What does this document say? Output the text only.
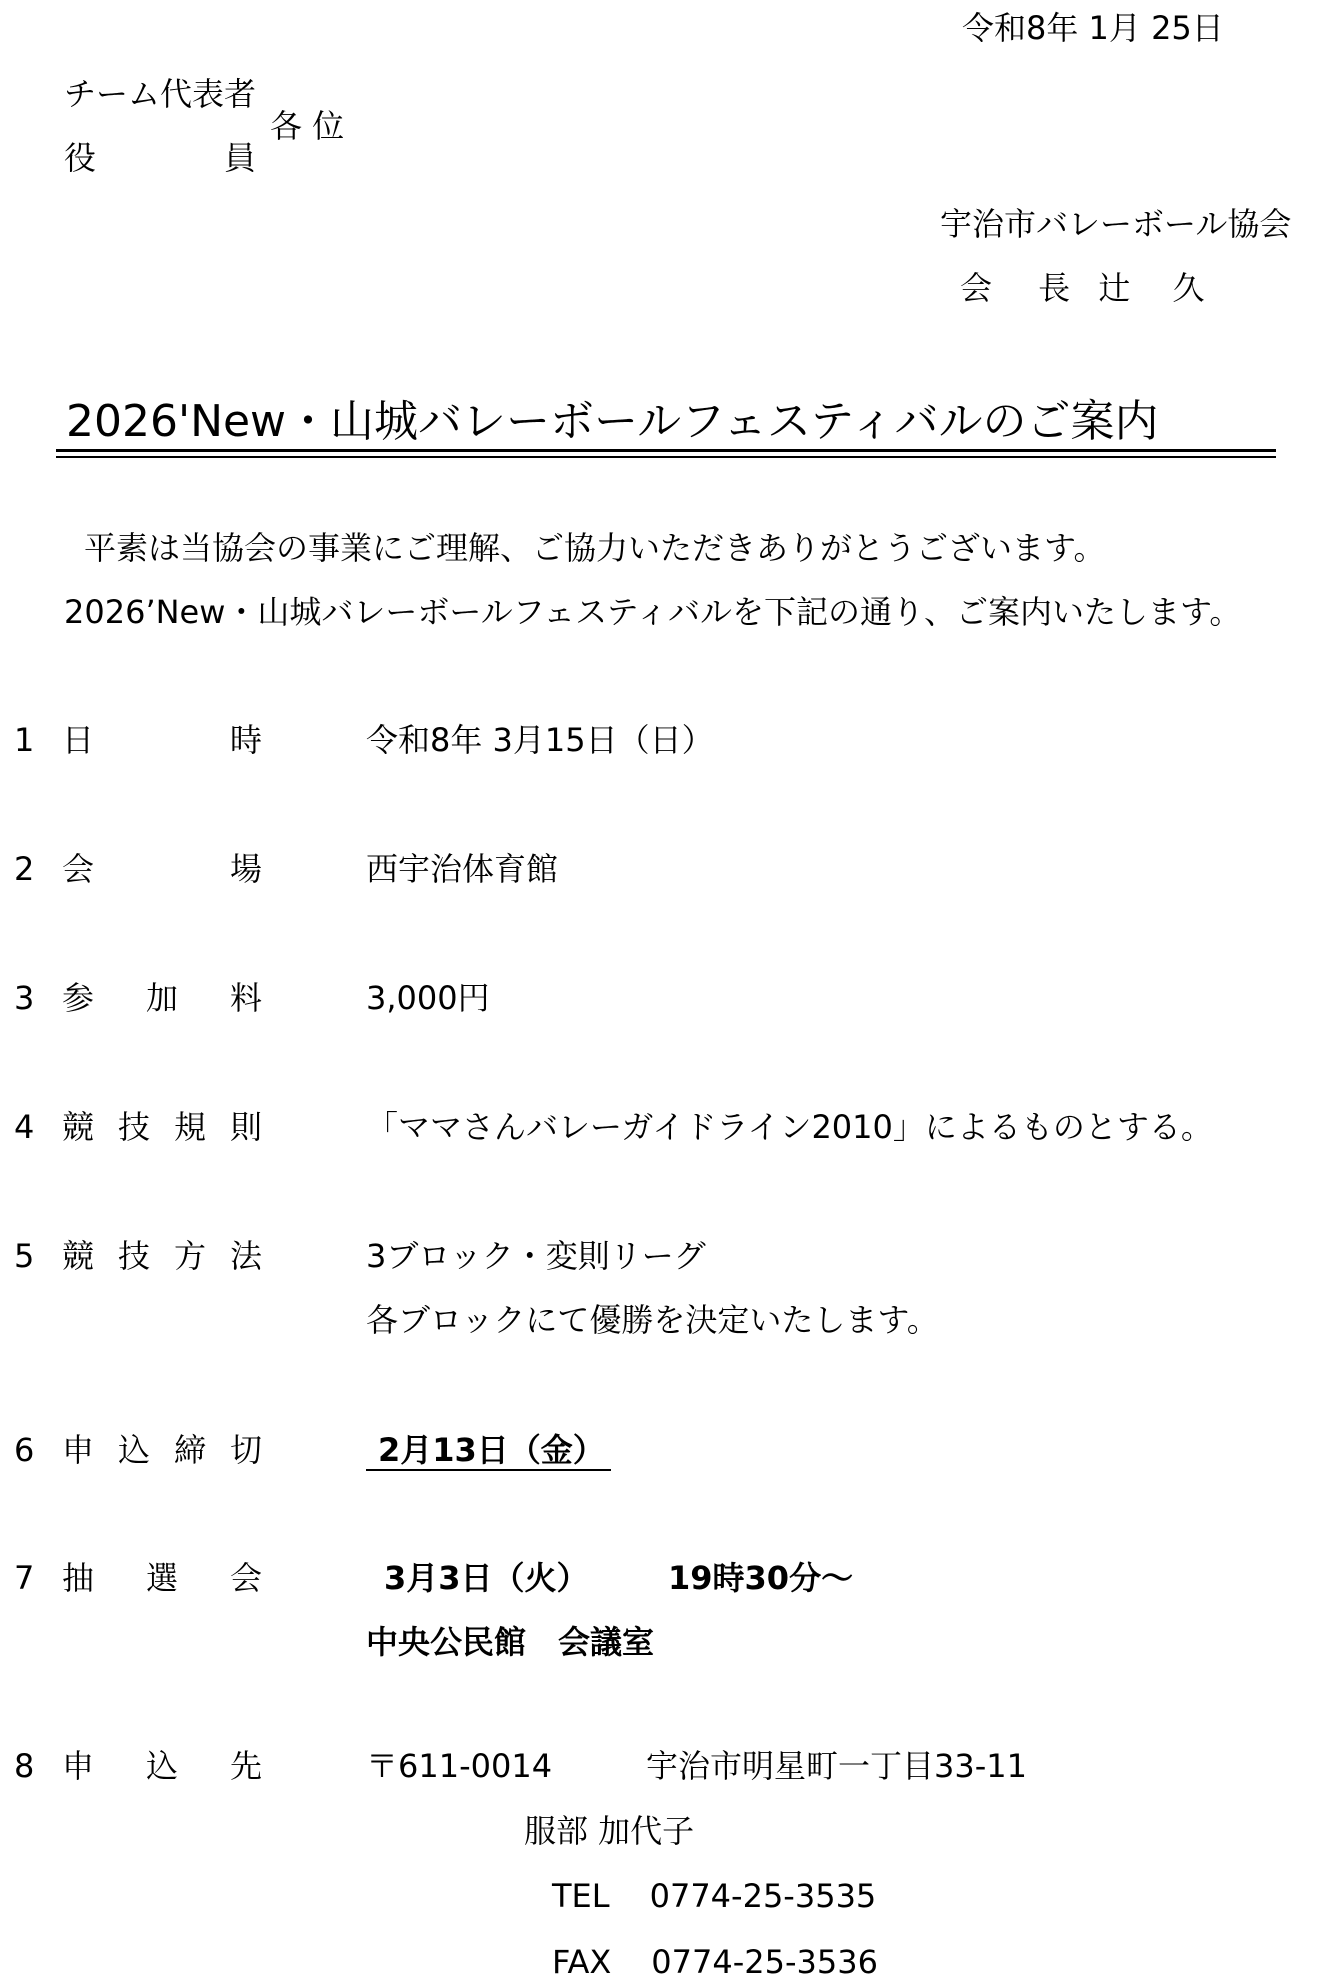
令和8年 1月 25日
チーム代表者
役	員
各 位
宇治市バレーボール協会
会 長 辻　 久
2026'New・山城バレーボールフェスティバルのご案内
平素は当協会の事業にご理解、ご協力いただきありがとうございます。
2026’New・山城バレーボールフェスティバルを下記の通り、ご案内いたします。
1 日	時	令和8年 3月15日（日）
2 会	場	西宇治体育館
3 参 加 料	3,000円
4 競 技 規 則	「ママさんバレーガイドライン2010」によるものとする。
5 競 技 方 法	3ブロック・変則リーグ
各ブロックにて優勝を決定いたします。
6 申 込 締 切	2月13日（金）
7 抽 選 会	3月3日（火） 19時30分～
中央公民館　会議室
8 申 込 先	〒611-0014	宇治市明星町一丁目33-11
服部 加代子
TEL 0774-25-3535
FAX 0774-25-3536
